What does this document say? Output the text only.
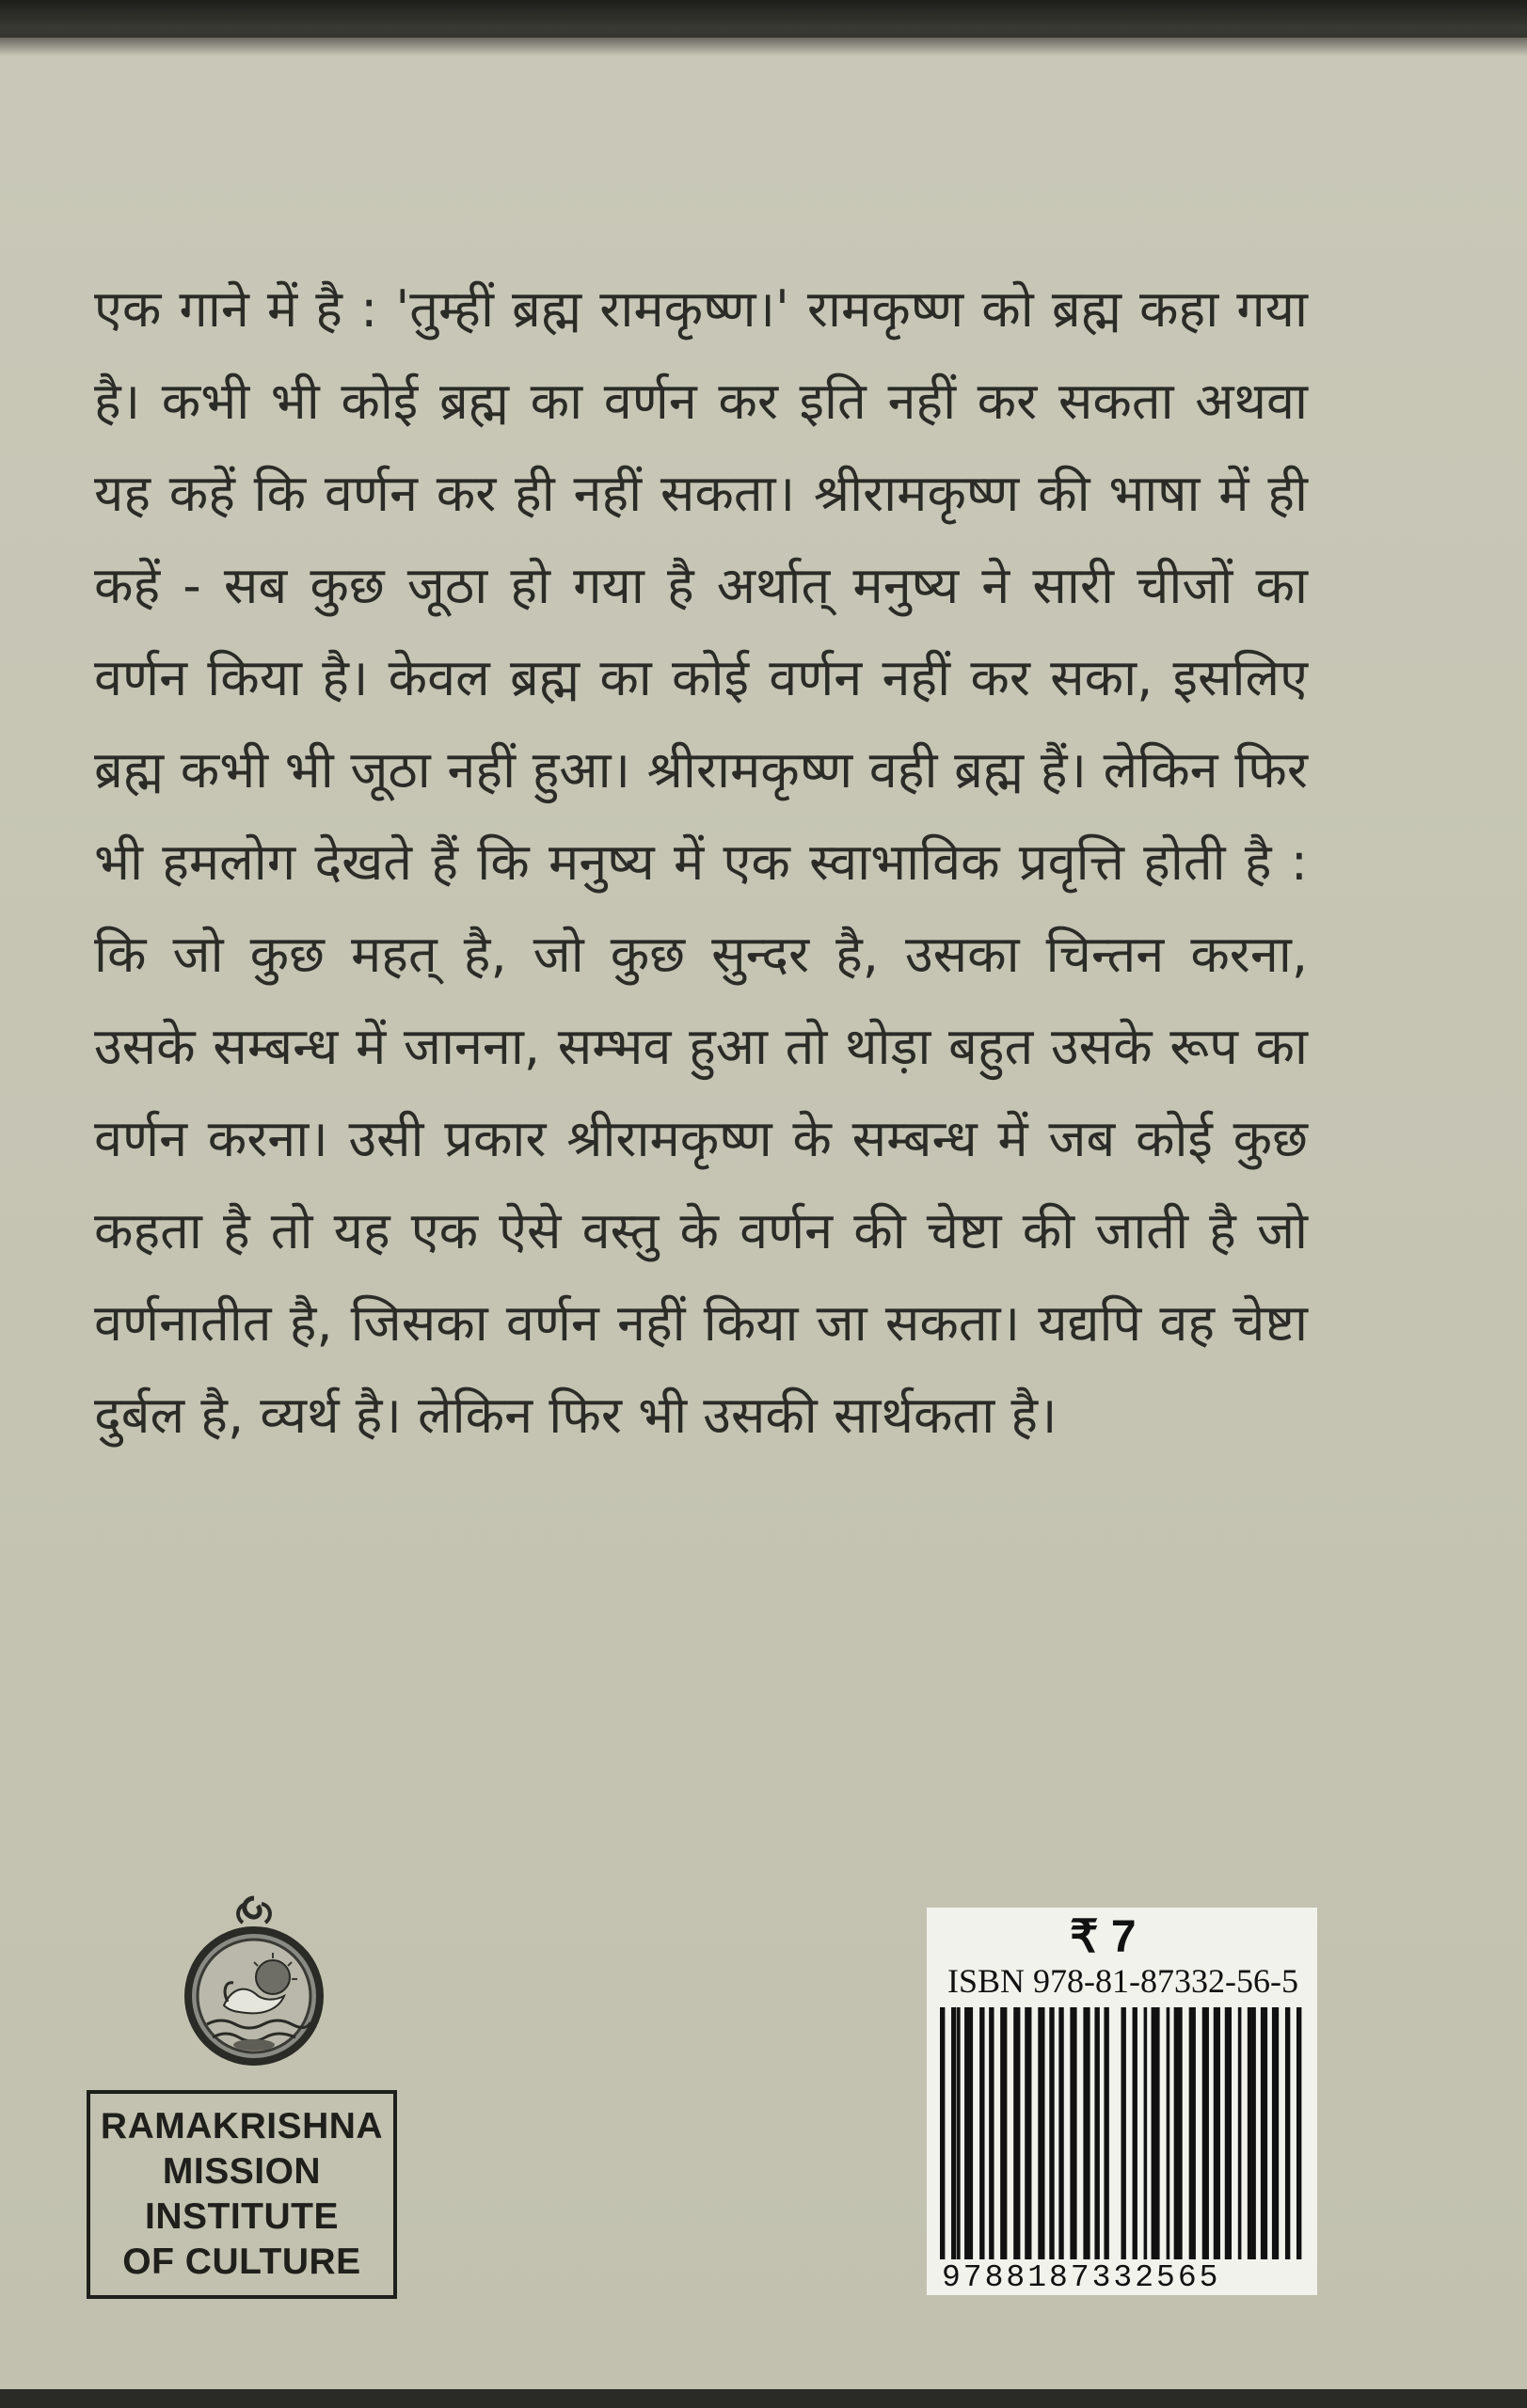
एक गाने में है : 'तुम्हीं ब्रह्म रामकृष्ण।' रामकृष्ण को ब्रह्म कहा गया है। कभी भी कोई ब्रह्म का वर्णन कर इति नहीं कर सकता अथवा यह कहें कि वर्णन कर ही नहीं सकता। श्रीरामकृष्ण की भाषा में ही कहें - सब कुछ जूठा हो गया है अर्थात् मनुष्य ने सारी चीजों का वर्णन किया है। केवल ब्रह्म का कोई वर्णन नहीं कर सका, इसलिए ब्रह्म कभी भी जूठा नहीं हुआ। श्रीरामकृष्ण वही ब्रह्म हैं। लेकिन फिर भी हमलोग देखते हैं कि मनुष्य में एक स्वाभाविक प्रवृत्ति होती है : कि जो कुछ महत् है, जो कुछ सुन्दर है, उसका चिन्तन करना, उसके सम्बन्ध में जानना, सम्भव हुआ तो थोड़ा बहुत उसके रूप का वर्णन करना। उसी प्रकार श्रीरामकृष्ण के सम्बन्ध में जब कोई कुछ कहता है तो यह एक ऐसे वस्तु के वर्णन की चेष्टा की जाती है जो वर्णनातीत है, जिसका वर्णन नहीं किया जा सकता। यद्यपि वह चेष्टा दुर्बल है, व्यर्थ है। लेकिन फिर भी उसकी सार्थकता है।

RAMAKRISHNA
MISSION
INSTITUTE
OF CULTURE
₹ 7
ISBN 978-81-87332-56-5
9788187332565
